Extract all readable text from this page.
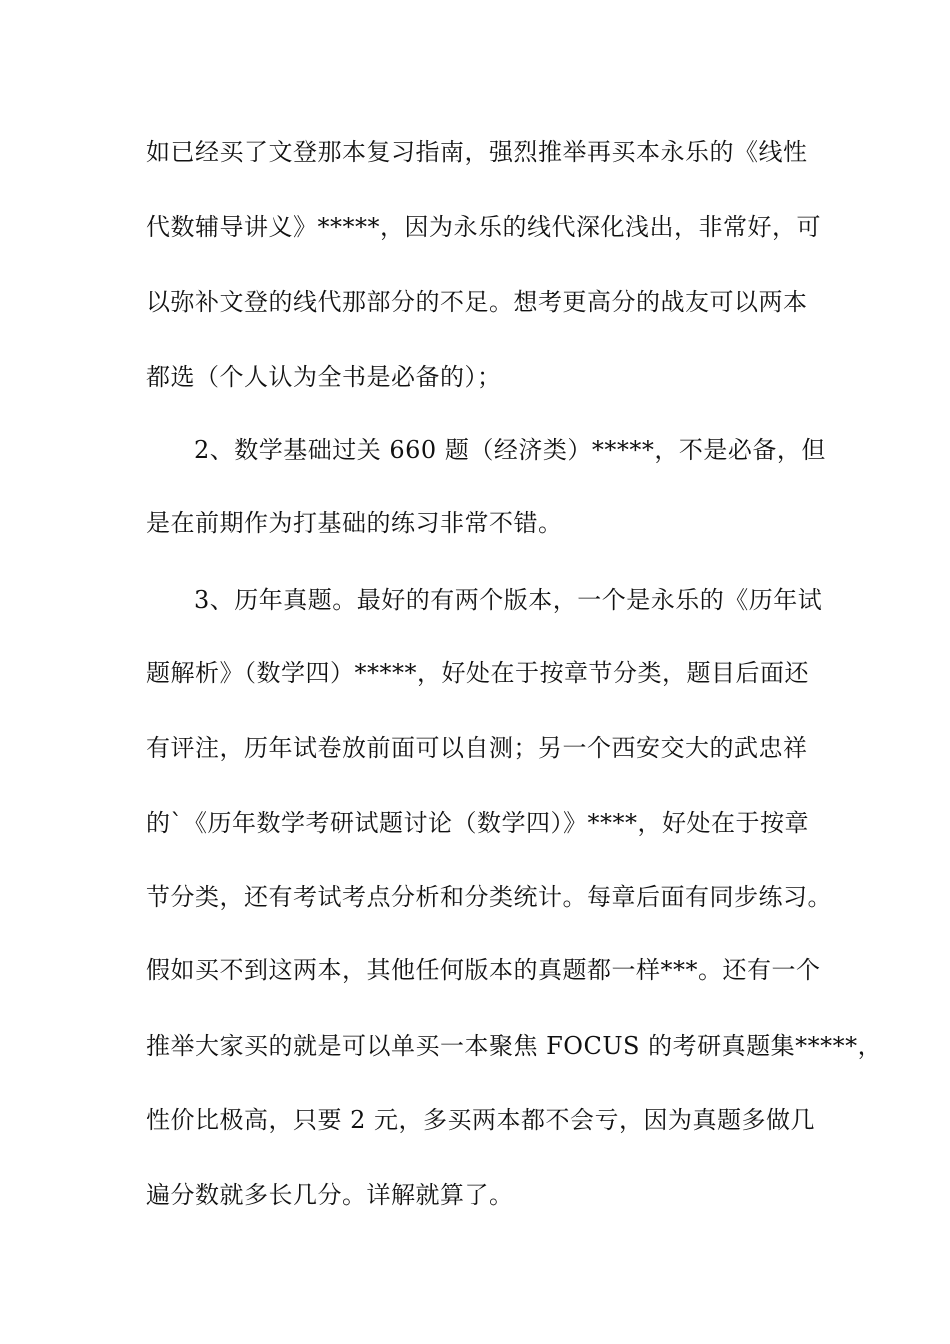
如已经买了文登那本复习指南，强烈推举再买本永乐的《线性
代数辅导讲义》*****，因为永乐的线代深化浅出，非常好，可
以弥补文登的线代那部分的不足。想考更高分的战友可以两本
都选（个人认为全书是必备的）；
2、数学基础过关 660 题（经济类）*****，不是必备，但
是在前期作为打基础的练习非常不错。
3、历年真题。最好的有两个版本，一个是永乐的《历年试
题解析》（数学四）*****，好处在于按章节分类，题目后面还
有评注，历年试卷放前面可以自测；另一个西安交大的武忠祥
的`《历年数学考研试题讨论（数学四）》****，好处在于按章
节分类，还有考试考点分析和分类统计。每章后面有同步练习。
假如买不到这两本，其他任何版本的真题都一样***。还有一个
推举大家买的就是可以单买一本聚焦 FOCUS 的考研真题集*****，
性价比极高，只要 2 元，多买两本都不会亏，因为真题多做几
遍分数就多长几分。详解就算了。
